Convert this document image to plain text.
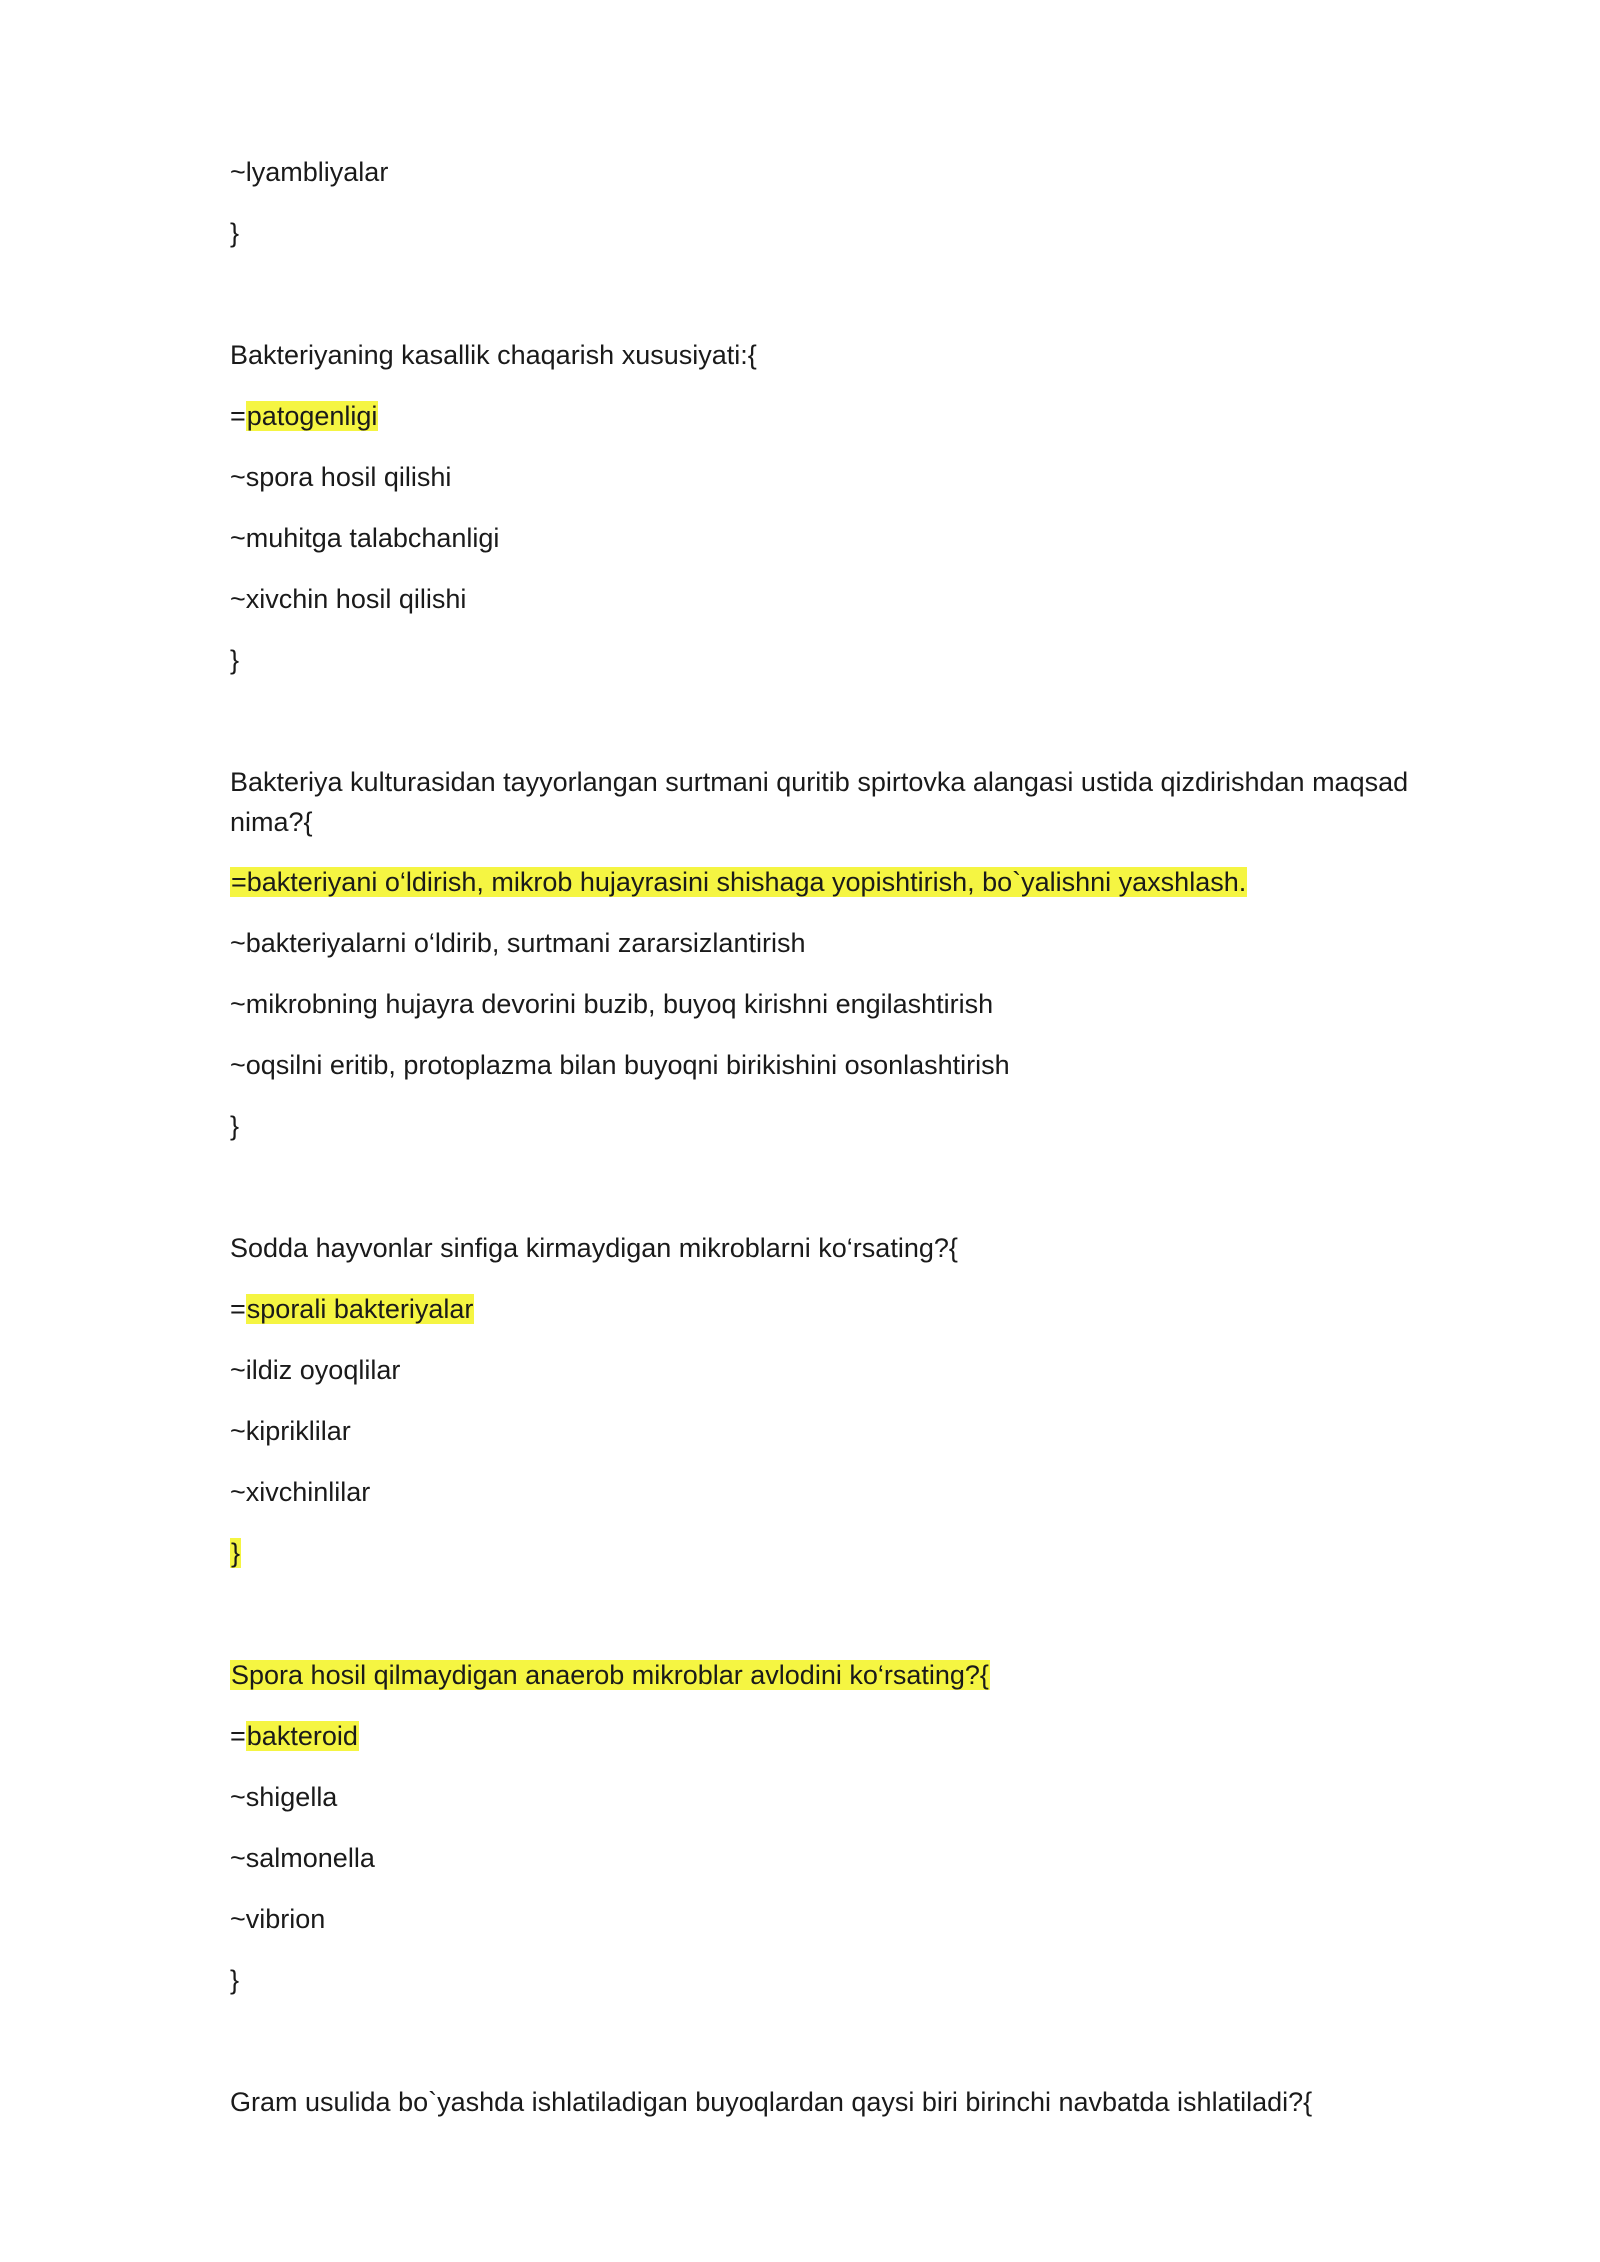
~lyambliyalar
}
Bakteriyaning kasallik chaqarish xususiyati:{
=patogenligi
~spora hosil qilishi
~muhitga talabchanligi
~xivchin hosil qilishi
}
Bakteriya kulturasidan tayyorlangan surtmani quritib spirtovka alangasi ustida qizdirishdan maqsad nima?{
=bakteriyani o‘ldirish, mikrob hujayrasini shishaga yopishtirish, bo`yalishni yaxshlash.
~bakteriyalarni o‘ldirib, surtmani zararsizlantirish
~mikrobning hujayra devorini buzib, buyoq kirishni engilashtirish
~oqsilni eritib, protoplazma bilan buyoqni birikishini osonlashtirish
}
Sodda hayvonlar sinfiga kirmaydigan mikroblarni ko‘rsating?{
=sporali bakteriyalar
~ildiz oyoqlilar
~kipriklilar
~xivchinlilar
}
Spora hosil qilmaydigan anaerob mikroblar avlodini ko‘rsating?{
=bakteroid
~shigella
~salmonella
~vibrion
}
Gram usulida bo`yashda ishlatiladigan buyoqlardan qaysi biri birinchi navbatda ishlatiladi?{
